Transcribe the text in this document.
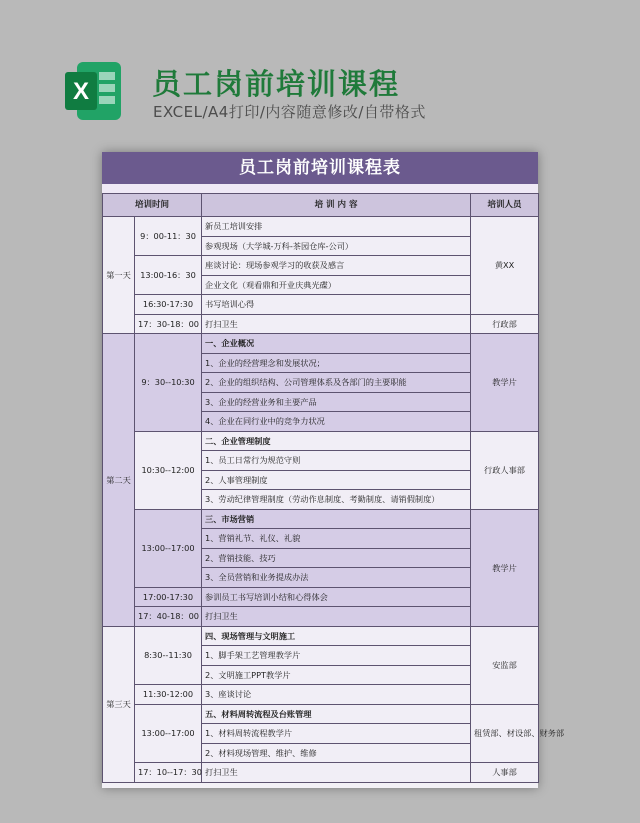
X 员工岗前培训课程
EXCEL/A4打印/内容随意修改/自带格式
员工岗前培训课程表
培训时间		培 训 内 容	培训人员
第一天	9：00-11：30	新员工培训安排	黄XX
		参观现场（大学城-万科-茶园仓库-公司）	
	13:00-16：30	座谈讨论：现场参观学习的收获及感言	
		企业文化（观看鼎和开业庆典光碟）	
	16:30-17:30	书写培训心得	
	17：30-18：00	打扫卫生	行政部
第二天	9：30--10:30	一、企业概况	教学片
		1、企业的经营理念和发展状况；	
		2、企业的组织结构、公司管理体系及各部门的主要职能	
		3、企业的经营业务和主要产品	
		4、企业在同行业中的竞争力状况	
	10:30--12:00	二、企业管理制度	行政人事部
		1、员工日常行为规范守则	
		2、人事管理制度	
		3、劳动纪律管理制度（劳动作息制度、考勤制度、请销假制度）	
	13:00--17:00	三、市场营销	教学片
		1、营销礼节、礼仪、礼貌	
		2、营销技能、技巧	
		3、全员营销和业务提成办法	
	17:00-17:30	参训员工书写培训小结和心得体会	
	17：40-18：00	打扫卫生	
第三天	8:30--11:30	四、现场管理与文明施工	安监部
		1、脚手架工艺管理教学片	
		2、文明施工PPT教学片	
	11:30-12:00	3、座谈讨论	
	13:00--17:00	五、材料周转流程及台账管理	租赁部、材设部、财务部
		1、材料周转流程教学片	
		2、材料现场管理、维护、维修	
	17：10--17：30	打扫卫生	人事部
